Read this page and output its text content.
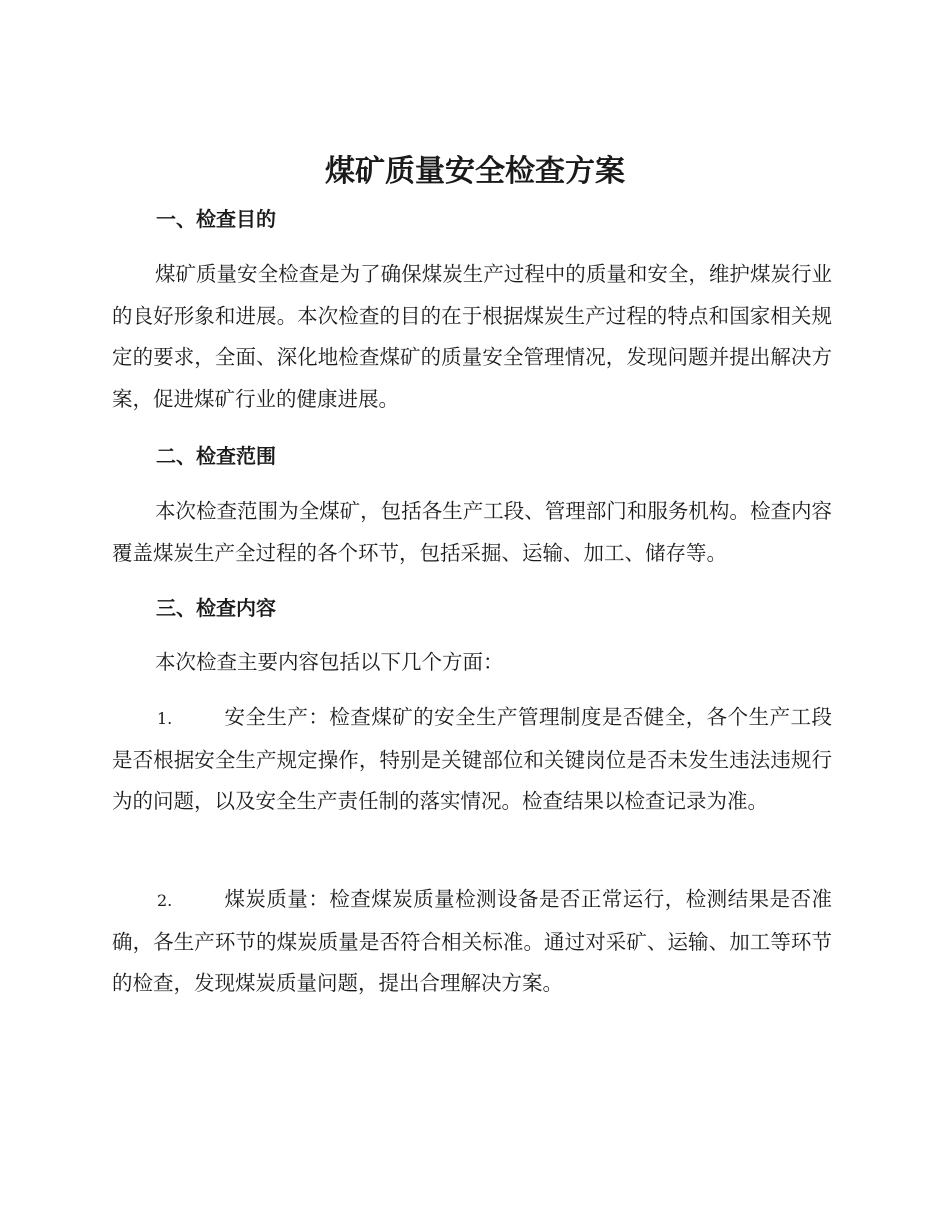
煤矿质量安全检查方案
一、检查目的

煤矿质量安全检查是为了确保煤炭生产过程中的质量和安全，维护煤炭行业的良好形象和进展。本次检查的目的在于根据煤炭生产过程的特点和国家相关规定的要求，全面、深化地检查煤矿的质量安全管理情况，发现问题并提出解决方案，促进煤矿行业的健康进展。

二、检查范围

本次检查范围为全煤矿，包括各生产工段、管理部门和服务机构。检查内容覆盖煤炭生产全过程的各个环节，包括采掘、运输、加工、储存等。

三、检查内容

本次检查主要内容包括以下几个方面：

1.	安全生产：检查煤矿的安全生产管理制度是否健全，各个生产工段是否根据安全生产规定操作，特别是关键部位和关键岗位是否未发生违法违规行为的问题，以及安全生产责任制的落实情况。检查结果以检查记录为准。

2.	煤炭质量：检查煤炭质量检测设备是否正常运行，检测结果是否准确，各生产环节的煤炭质量是否符合相关标准。通过对采矿、运输、加工等环节的检查，发现煤炭质量问题，提出合理解决方案。
